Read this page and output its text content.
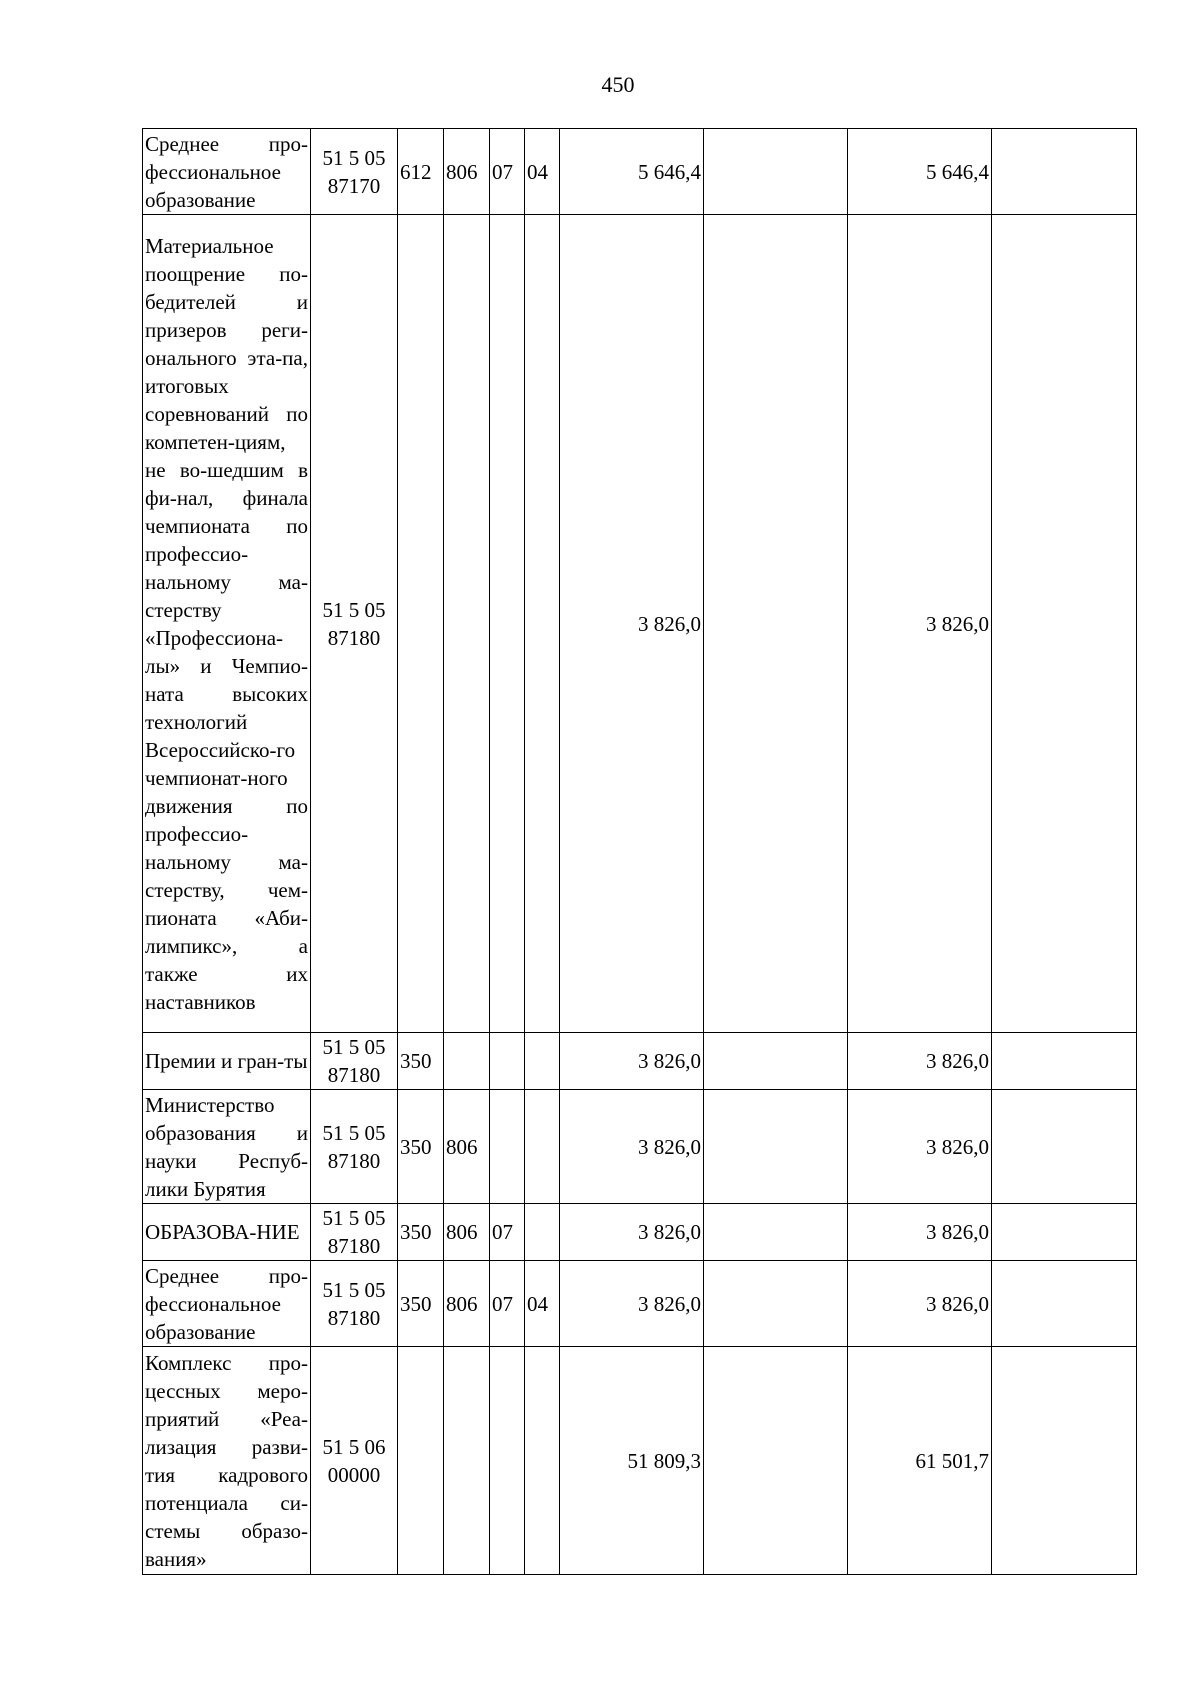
450
Среднее про-фессиональное образование	51 5 05 87170	612	806	07	04	5 646,4		5 646,4	
Материальное поощрение по-бедителей и призеров реги-онального эта-па, итоговых соревнований по компетен-циям, не во-шедшим в фи-нал, финала чемпионата по профессио-нальному ма-стерству «Профессиона-лы» и Чемпио-ната высоких технологий Всероссийско-го чемпионат-ного движения по профессио-нальному ма-стерству, чем-пионата «Аби-лимпикс», а также их наставников	51 5 05 87180					3 826,0		3 826,0	
Премии и гран-ты	51 5 05 87180	350				3 826,0		3 826,0	
Министерство образования и науки Респуб-лики Бурятия	51 5 05 87180	350	806			3 826,0		3 826,0	
ОБРАЗОВА-НИЕ	51 5 05 87180	350	806	07		3 826,0		3 826,0	
Среднее про-фессиональное образование	51 5 05 87180	350	806	07	04	3 826,0		3 826,0	
Комплекс про-цессных меро-приятий «Реа-лизация разви-тия кадрового потенциала си-стемы образо-вания»	51 5 06 00000					51 809,3		61 501,7	
